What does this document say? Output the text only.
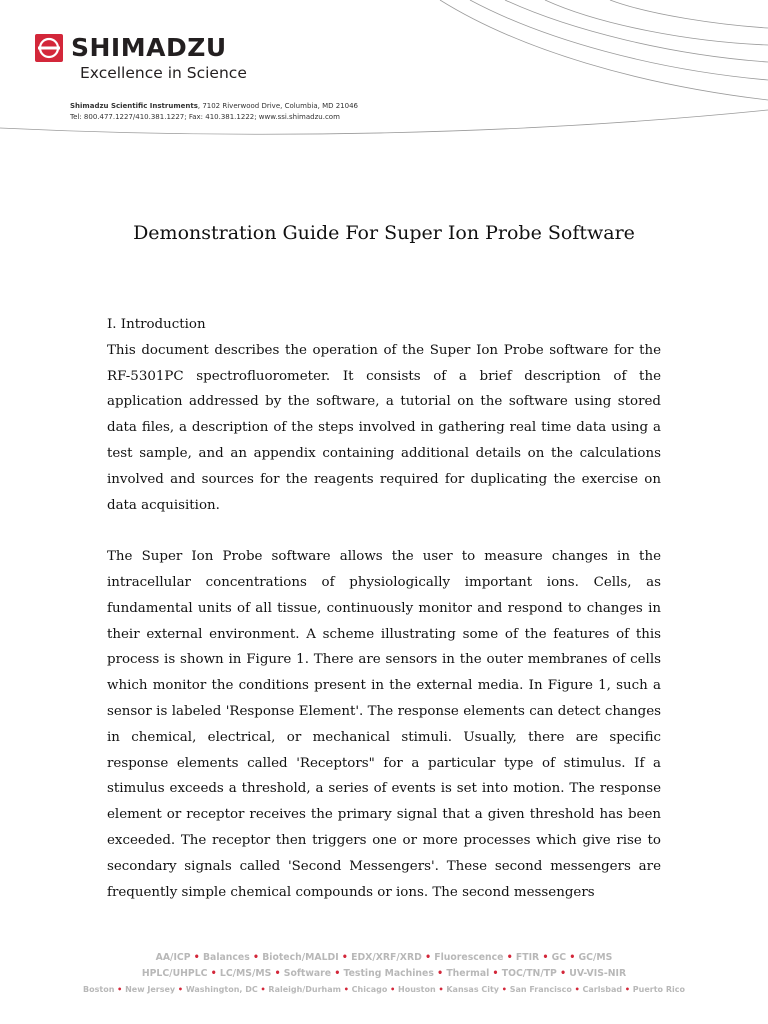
SHIMADZU
Excellence in Science
Shimadzu Scientific Instruments, 7102 Riverwood Drive, Columbia, MD 21046
Tel: 800.477.1227/410.381.1227; Fax: 410.381.1222; www.ssi.shimadzu.com
Demonstration Guide For Super Ion Probe Software
I. Introduction

This document describes the operation of the Super Ion Probe software for the RF-5301PC spectrofluorometer. It consists of a brief description of the application addressed by the software, a tutorial on the software using stored data files, a description of the steps involved in gathering real time data using a test sample, and an appendix containing additional details on the calculations involved and sources for the reagents required for duplicating the exercise on data acquisition.

The Super Ion Probe software allows the user to measure changes in the intracellular concentrations of physiologically important ions. Cells, as fundamental units of all tissue, continuously monitor and respond to changes in their external environment. A scheme illustrating some of the features of this process is shown in Figure 1. There are sensors in the outer membranes of cells which monitor the conditions present in the external media. In Figure 1, such a sensor is labeled 'Response Element'. The response elements can detect changes in chemical, electrical, or mechanical stimuli. Usually, there are specific response elements called 'Receptors" for a particular type of stimulus. If a stimulus exceeds a threshold, a series of events is set into motion. The response element or receptor receives the primary signal that a given threshold has been exceeded. The receptor then triggers one or more processes which give rise to secondary signals called 'Second Messengers'. These second messengers are frequently simple chemical compounds or ions. The second messengers

AA/ICP • Balances • Biotech/MALDI • EDX/XRF/XRD • Fluorescence • FTIR • GC • GC/MS
HPLC/UHPLC • LC/MS/MS • Software • Testing Machines • Thermal • TOC/TN/TP • UV-VIS-NIR
Boston • New Jersey • Washington, DC • Raleigh/Durham • Chicago • Houston • Kansas City • San Francisco • Carlsbad • Puerto Rico
